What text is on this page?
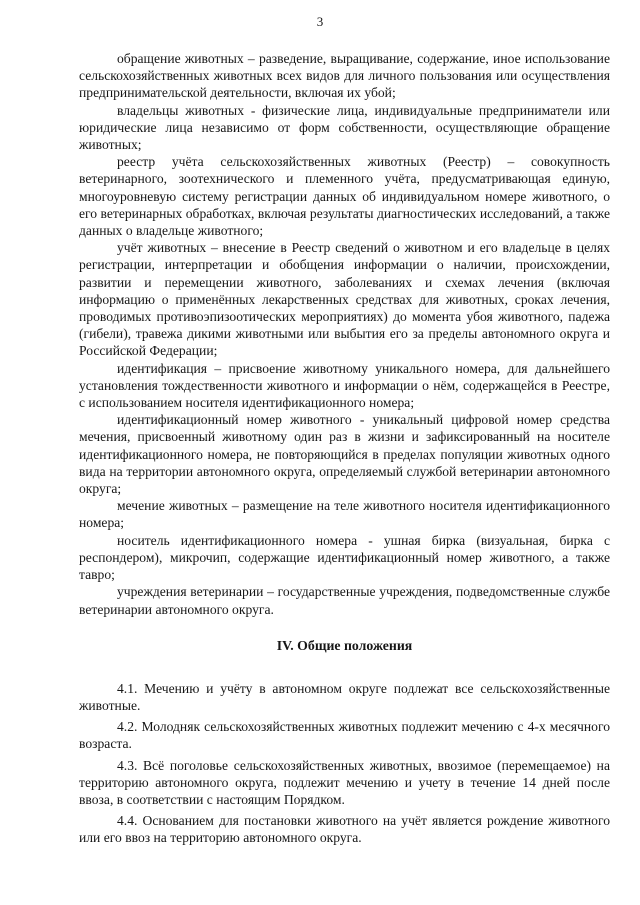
3

обращение животных – разведение, выращивание, содержание, иное использование сельскохозяйственных животных всех видов для личного пользования или осуществления предпринимательской деятельности, включая их убой;

владельцы животных - физические лица, индивидуальные предприниматели или юридические лица независимо от форм собственности, осуществляющие обращение животных;

реестр учёта сельскохозяйственных животных (Реестр) – совокупность ветеринарного, зоотехнического и племенного учёта, предусматривающая единую, многоуровневую систему регистрации данных об индивидуальном номере животного, о его ветеринарных обработках, включая результаты диагностических исследований, а также данных о владельце животного;

учёт животных – внесение в Реестр сведений о животном и его владельце в целях регистрации, интерпретации и обобщения информации о наличии, происхождении, развитии и перемещении животного, заболеваниях и схемах лечения (включая информацию о применённых лекарственных средствах для животных, сроках лечения, проводимых противоэпизоотических мероприятиях) до момента убоя животного, падежа (гибели), травежа дикими животными или выбытия его за пределы автономного округа и Российской Федерации;

идентификация – присвоение животному уникального номера, для дальнейшего установления тождественности животного и информации о нём, содержащейся в Реестре, с использованием носителя идентификационного номера;

идентификационный номер животного - уникальный цифровой номер средства мечения, присвоенный животному один раз в жизни и зафиксированный на носителе идентификационного номера, не повторяющийся в пределах популяции животных одного вида на территории автономного округа, определяемый службой ветеринарии автономного округа;

мечение животных – размещение на теле животного носителя идентификационного номера;

носитель идентификационного номера - ушная бирка (визуальная, бирка с респондером), микрочип, содержащие идентификационный номер животного, а также тавро;

учреждения ветеринарии – государственные учреждения, подведомственные службе ветеринарии автономного округа.

IV. Общие положения

4.1. Мечению и учёту в автономном округе подлежат все сельскохозяйственные животные.

4.2. Молодняк сельскохозяйственных животных подлежит мечению с 4-х месячного возраста.

4.3. Всё поголовье сельскохозяйственных животных, ввозимое (перемещаемое) на территорию автономного округа, подлежит мечению и учету в течение 14 дней после ввоза, в соответствии с настоящим Порядком.

4.4. Основанием для постановки животного на учёт является рождение животного или его ввоз на территорию автономного округа.
